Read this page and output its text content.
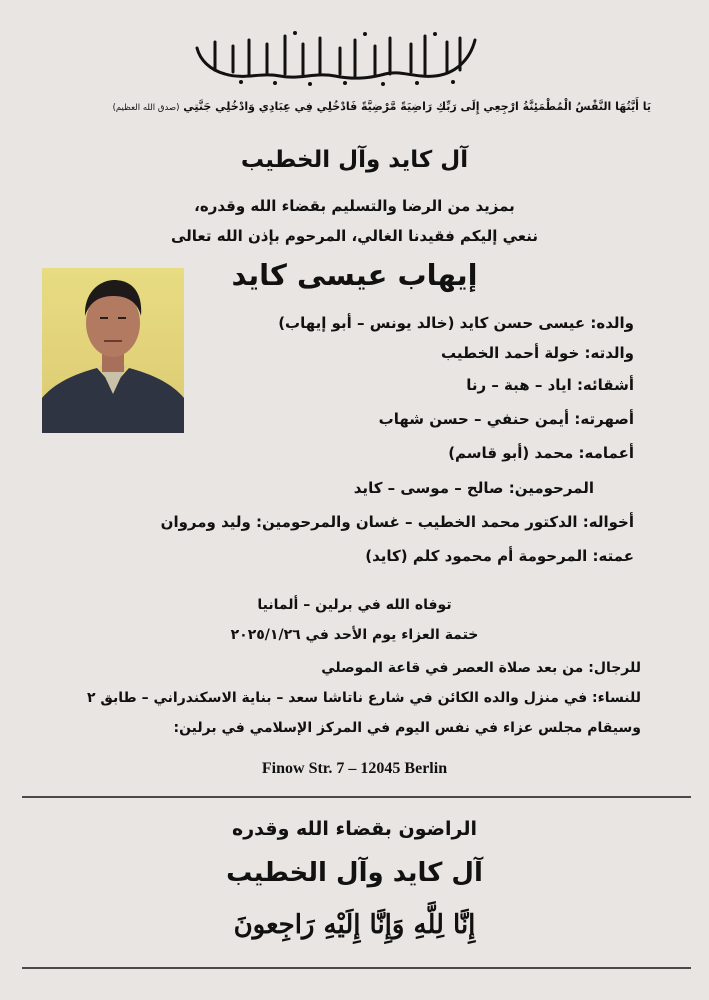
يَا أَيَّتُهَا النَّفْسُ الْمُطْمَئِنَّةُ ارْجِعِي إِلَى رَبِّكِ رَاضِيَةً مَّرْضِيَّةً فَادْخُلِي فِي عِبَادِي وَادْخُلِي جَنَّتِي (صدق الله العظيم)
آل كايد وآل الخطيب
بمزيد من الرضا والتسليم بقضاء الله وقدره،
ننعي إليكم فقيدنا الغالي، المرحوم بإذن الله تعالى
إيهاب عيسى كايد
والده: عيسى حسن كايد (خالد يونس – أبو إيهاب)
والدته: خولة أحمد الخطيب
أشقائه: اياد – هبة – رنا
أصهرته: أيمن حنفي – حسن شهاب
أعمامه: محمد (أبو قاسم)
المرحومين: صالح – موسى – كايد
أخواله: الدكتور محمد الخطيب – غسان والمرحومين: وليد ومروان
عمته: المرحومة أم محمود كلم (كايد)
توفاه الله في برلين – ألمانيا
ختمة العزاء يوم الأحد في ٢٠٢٥/١/٢٦
للرجال: من بعد صلاة العصر في قاعة الموصلي
للنساء: في منزل والده الكائن في شارع ناتاشا سعد – بناية الاسكندراني – طابق ٢
وسيقام مجلس عزاء في نفس اليوم في المركز الإسلامي في برلين:
Finow Str. 7 – 12045 Berlin
الراضون بقضاء الله وقدره
آل كايد وآل الخطيب
إِنَّا لِلَّهِ وَإِنَّا إِلَيْهِ رَاجِعونَ
